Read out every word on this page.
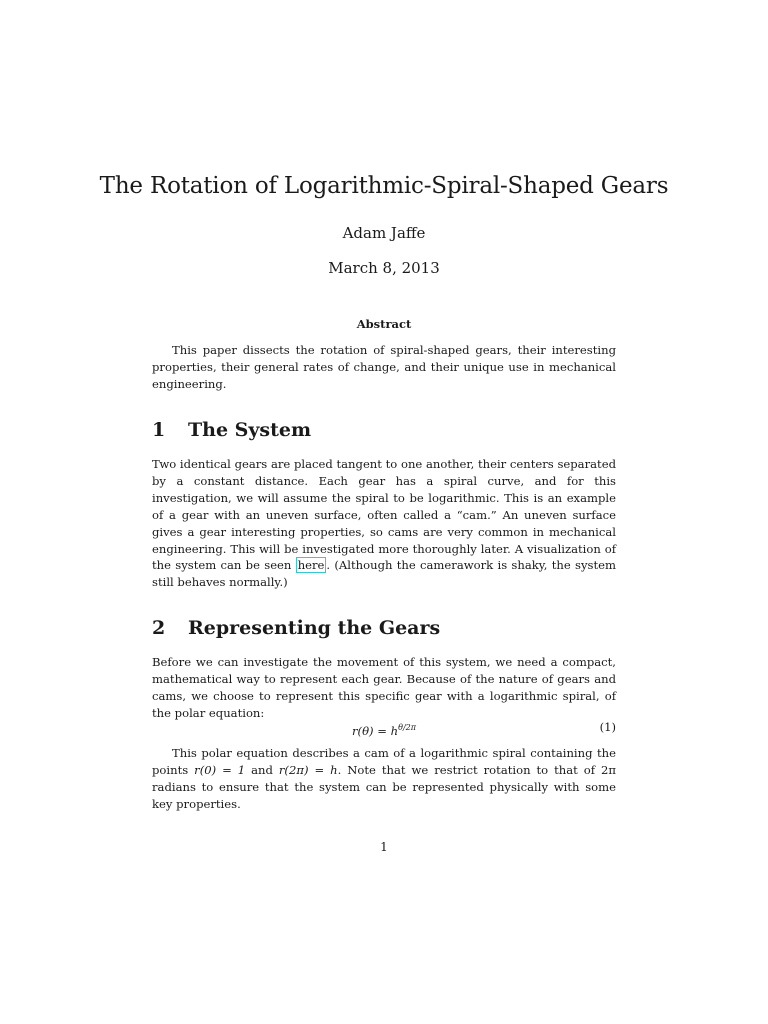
The Rotation of Logarithmic-Spiral-Shaped Gears
Adam Jaffe
March 8, 2013
Abstract

This paper dissects the rotation of spiral-shaped gears, their interesting properties, their general rates of change, and their unique use in mechanical engineering.

1 The System

Two identical gears are placed tangent to one another, their centers separated by a constant distance. Each gear has a spiral curve, and for this investigation, we will assume the spiral to be logarithmic. This is an example of a gear with an uneven surface, often called a “cam.” An uneven surface gives a gear interesting properties, so cams are very common in mechanical engineering. This will be investigated more thoroughly later. A visualization of the system can be seen here . (Although the camerawork is shaky, the system still behaves normally.)

2 Representing the Gears

Before we can investigate the movement of this system, we need a compact, mathematical way to represent each gear. Because of the nature of gears and cams, we choose to represent this specific gear with a logarithmic spiral, of the polar equation:

$r(\theta) = h^{\theta/2\pi}$	(1)

This polar equation describes a cam of a logarithmic spiral containing the points r(0) = 1 and r(2π) = h. Note that we restrict rotation to that of 2π radians to ensure that the system can be represented physically with some key properties.

1
